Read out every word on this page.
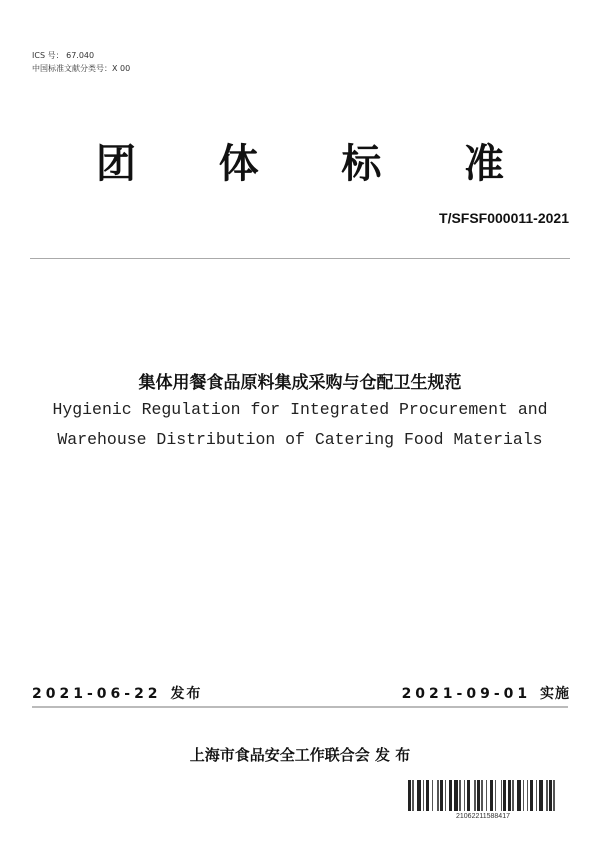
ICS 号： 67.040
中国标准文献分类号：X 00
团 体 标 准
T/SFSF000011-2021
集体用餐食品原料集成采购与仓配卫生规范
Hygienic Regulation for Integrated Procurement and
Warehouse Distribution of Catering Food Materials
2021-06-22 发布	2021-09-01 实施
上海市食品安全工作联合会 发 布
21062211588417
